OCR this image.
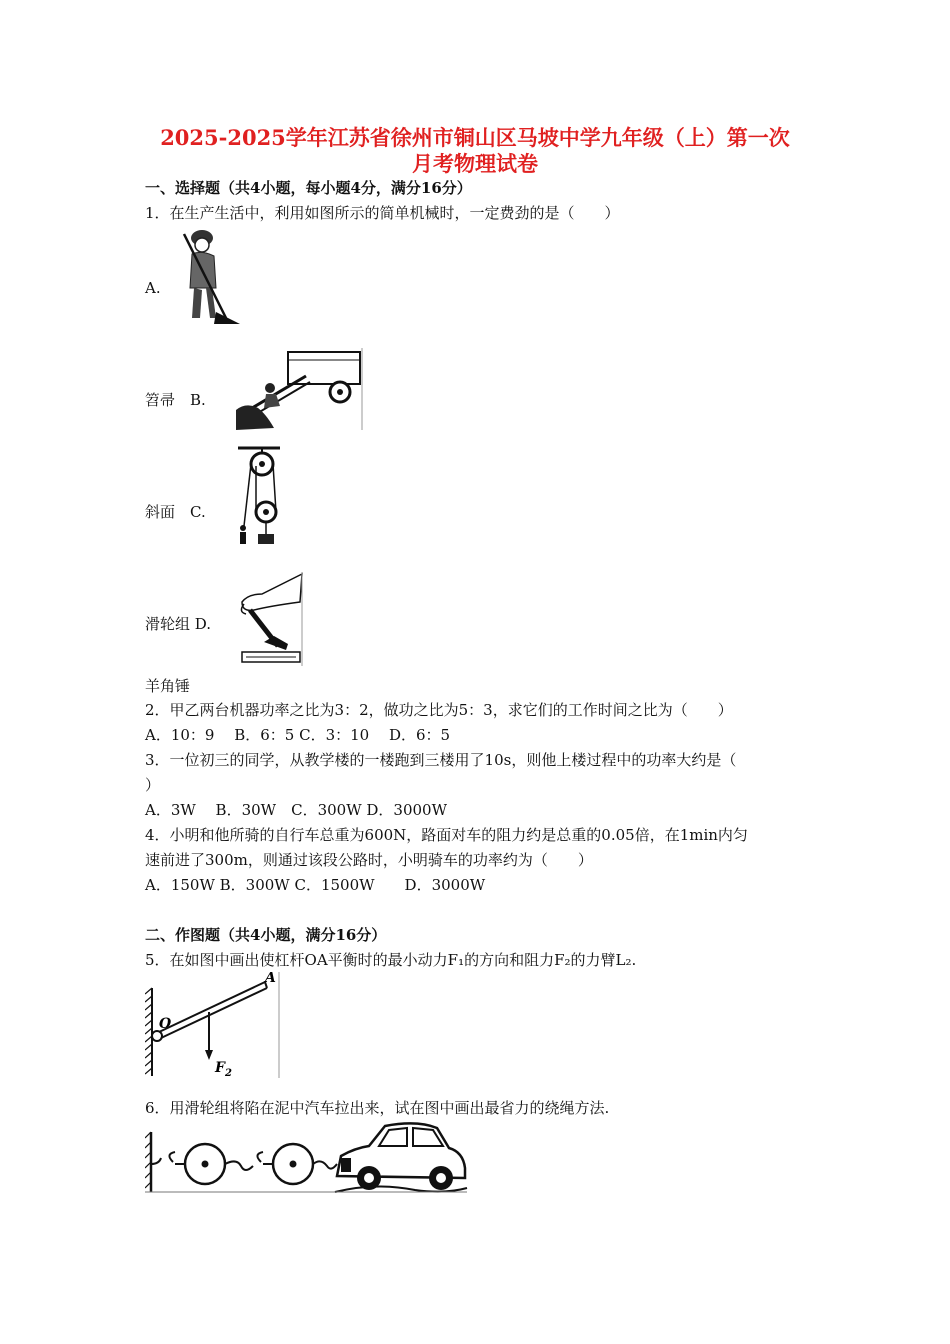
2025-2025学年江苏省徐州市铜山区马坡中学九年级（上）第一次
月考物理试卷
一、选择题（共4小题，每小题4分，满分16分）
1．在生产生活中，利用如图所示的简单机械时，一定费劲的是（　　）
A.
笤帚　B.
斜面　C.
滑轮组 D.
羊角锤
2．甲乙两台机器功率之比为3：2，做功之比为5：3，求它们的工作时间之比为（　　）
A．10：9　 B．6：5 C．3：10　 D．6：5
3．一位初三的同学，从教学楼的一楼跑到三楼用了10s，则他上楼过程中的功率大约是（
）
A．3W　 B．30W　C．300W D．3000W
4．小明和他所骑的自行车总重为600N，路面对车的阻力约是总重的0.05倍，在1min内匀
速前进了300m，则通过该段公路时，小明骑车的功率约为（　　）
A．150W B．300W C．1500W　　D．3000W
二、作图题（共4小题，满分16分）
5．在如图中画出使杠杆OA平衡时的最小动力F₁的方向和阻力F₂的力臂L₂.
O
A
F 2
6．用滑轮组将陷在泥中汽车拉出来，试在图中画出最省力的绕绳方法.
